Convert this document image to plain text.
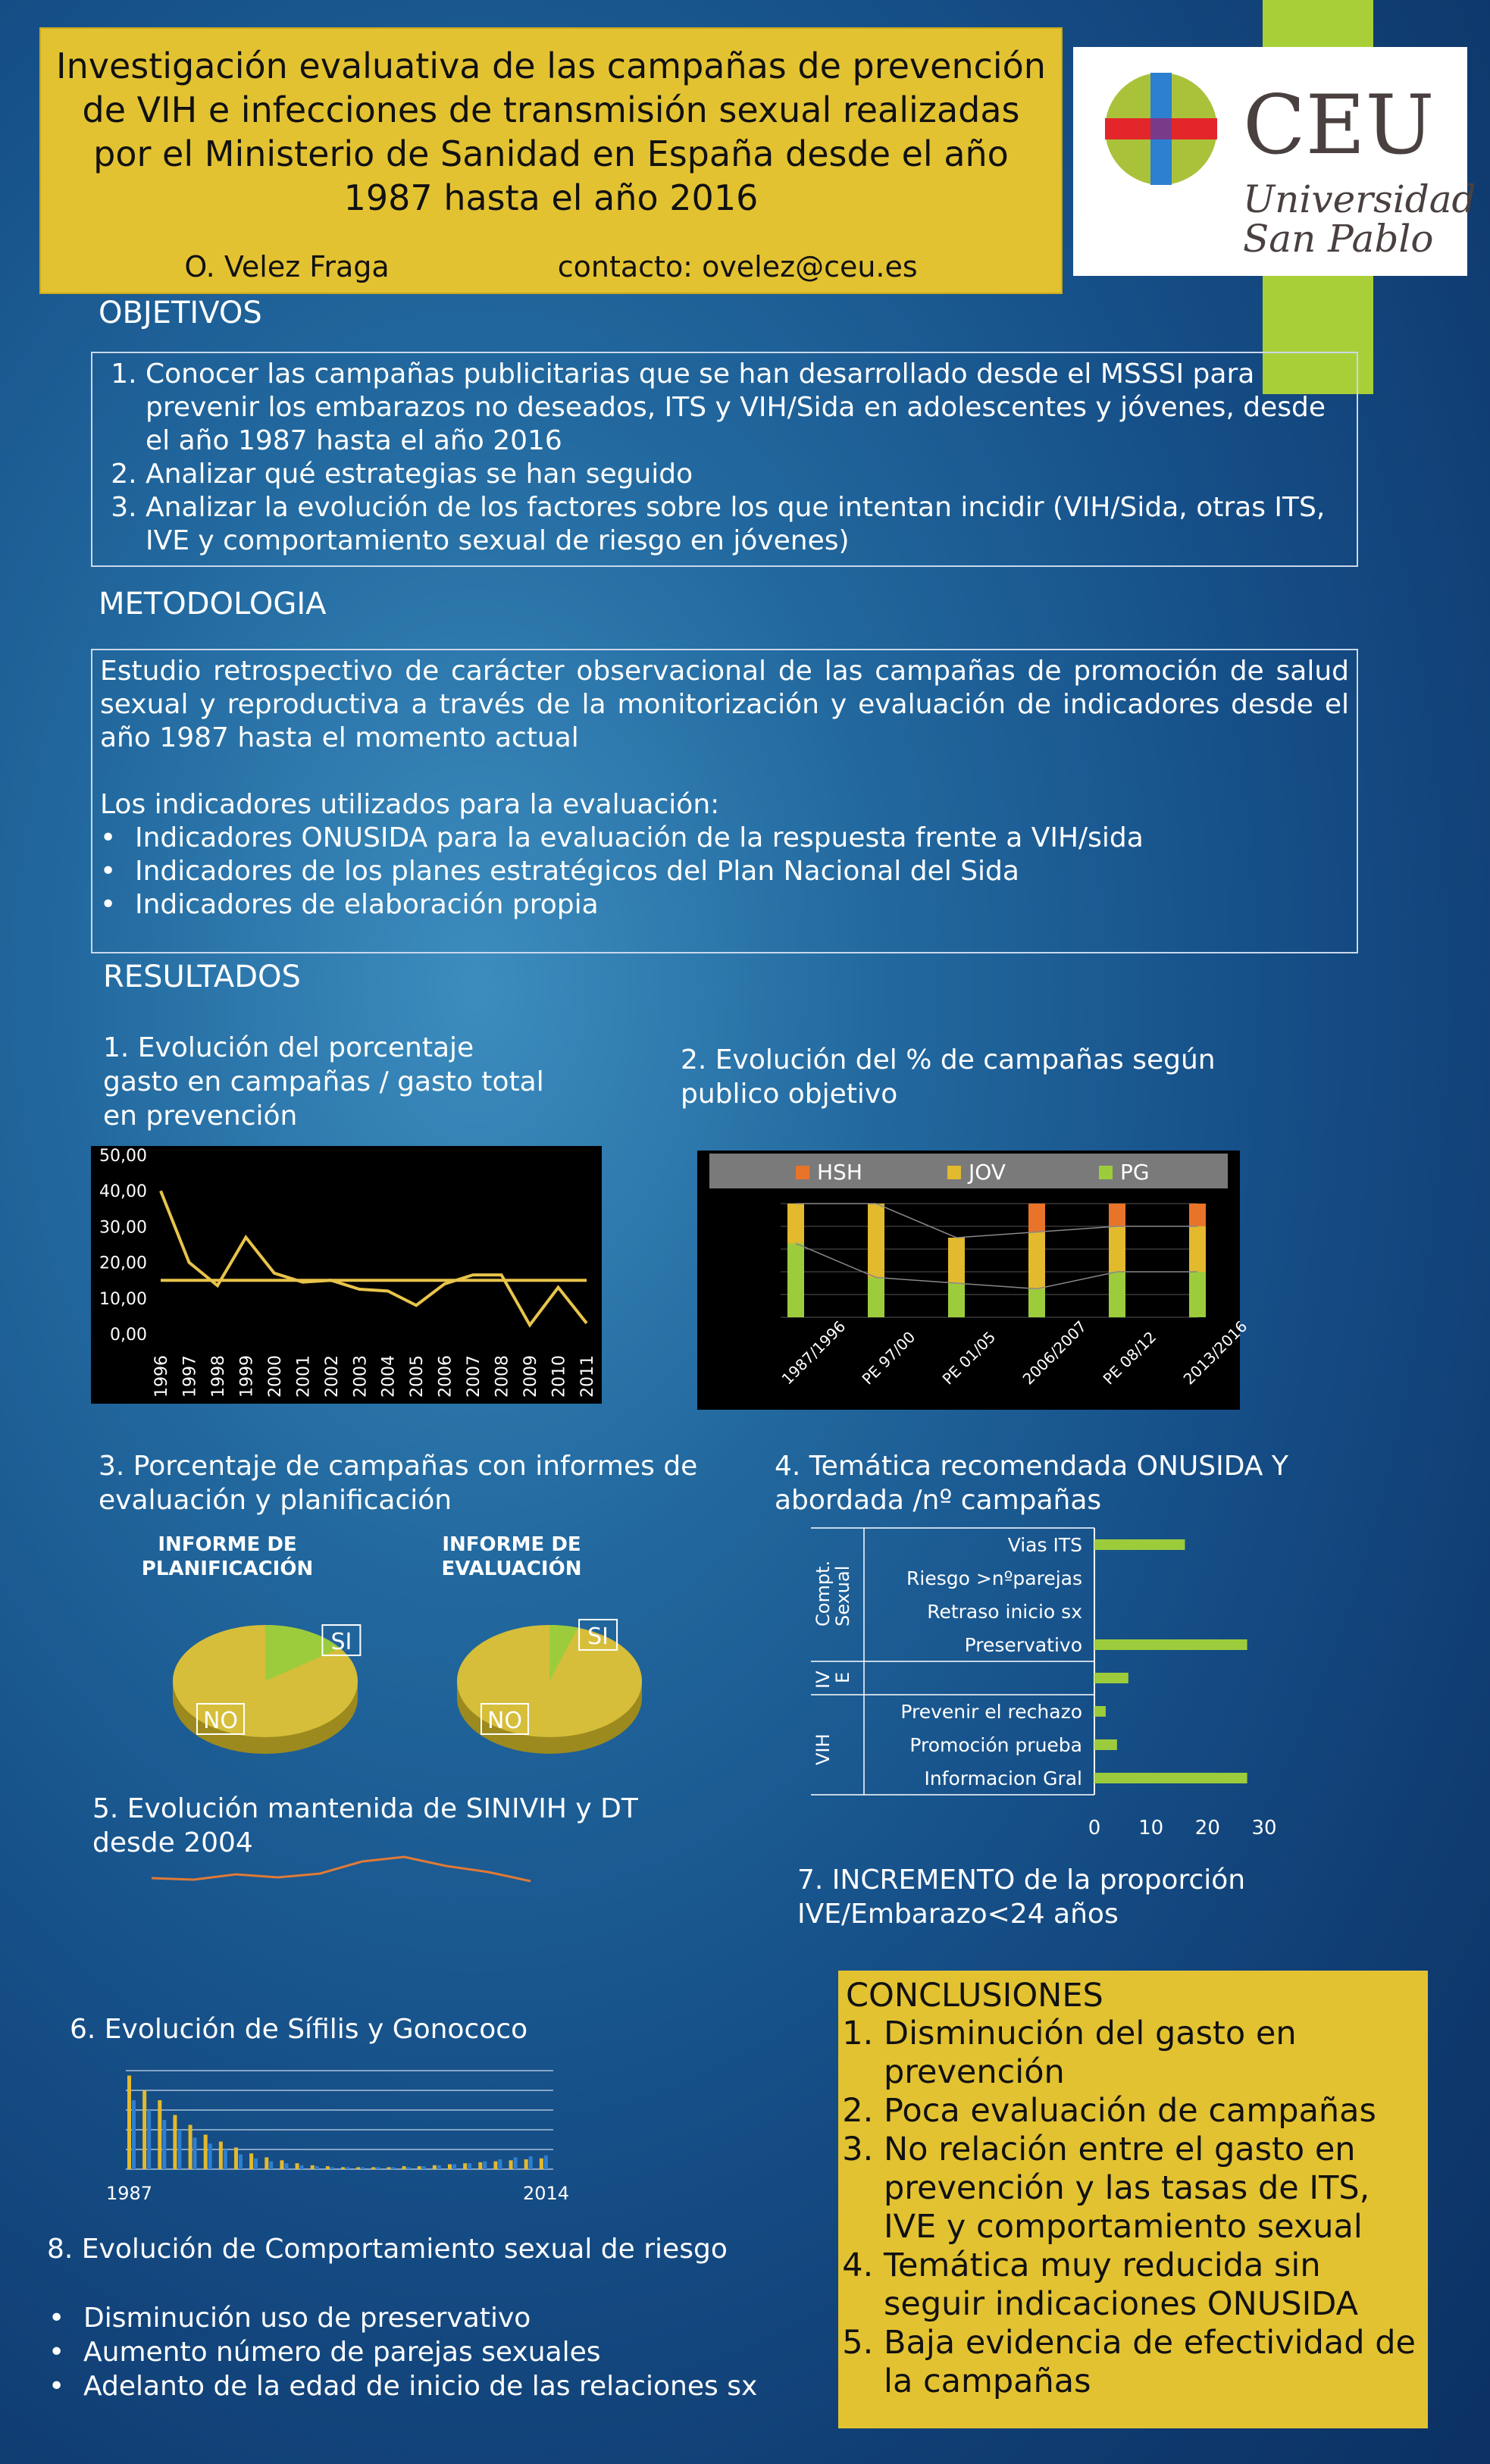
Investigación evaluativa de las campañas de prevención de VIH e infecciones de transmisión sexual realizadas por el Ministerio de Sanidad en España desde el año 1987 hasta el año 2016
O. Velez Fraga	contacto: ovelez@ceu.es
CEU
Universidad
San Pablo
OBJETIVOS
1. Conocer las campañas publicitarias que se han desarrollado desde el MSSSI para prevenir los embarazos no deseados, ITS y VIH/Sida en adolescentes y jóvenes, desde el año 1987 hasta el año 2016
2. Analizar qué estrategias se han seguido
3. Analizar la evolución de los factores sobre los que intentan incidir (VIH/Sida, otras ITS, IVE y comportamiento sexual de riesgo en jóvenes)
METODOLOGIA
Estudio retrospectivo de carácter observacional de las campañas de promoción de salud sexual y reproductiva a través de la monitorización y evaluación de indicadores desde el año 1987 hasta el momento actual
Los indicadores utilizados para la evaluación:
• Indicadores ONUSIDA para la evaluación de la respuesta frente a VIH/sida
• Indicadores de los planes estratégicos del Plan Nacional del Sida
• Indicadores de elaboración propia
RESULTADOS
1. Evolución del porcentaje
gasto en campañas / gasto total
en prevención
50,00
40,00
30,00
20,00
10,00
0,00
1996 1997 1998 1999 2000 2001 2002 2003 2004 2005 2006 2007 2008 2009 2010 2011
2. Evolución del % de campañas según
publico objetivo
HSH	JOV	PG
1987/1996 PE 97/00 PE 01/05 2006/2007 PE 08/12 2013/2016
3. Porcentaje de campañas con informes de
evaluación y planificación
INFORME DE
PLANIFICACIÓN
NO
SI
INFORME DE
EVALUACIÓN
NO
SI
4. Temática recomendada ONUSIDA Y
abordada /nº campañas
Compt.
Sexual
IV
E
VIH
Vias ITS
Riesgo >nºparejas
Retraso inicio sx
Preservativo
Prevenir el rechazo
Promoción prueba
Informacion Gral
0 10 20 30
5. Evolución mantenida de SINIVIH y DT
desde 2004
7. INCREMENTO de la proporción
IVE/Embarazo<24 años
6. Evolución de Sífilis y Gonococo
1987	2014
8. Evolución de Comportamiento sexual de riesgo
• Disminución uso de preservativo
• Aumento número de parejas sexuales
• Adelanto de la edad de inicio de las relaciones sx
CONCLUSIONES
1. Disminución del gasto en prevención
2. Poca evaluación de campañas
3. No relación entre el gasto en prevención y las tasas de ITS, IVE y comportamiento sexual
4. Temática muy reducida sin seguir indicaciones ONUSIDA
5. Baja evidencia de efectividad de la campañas
